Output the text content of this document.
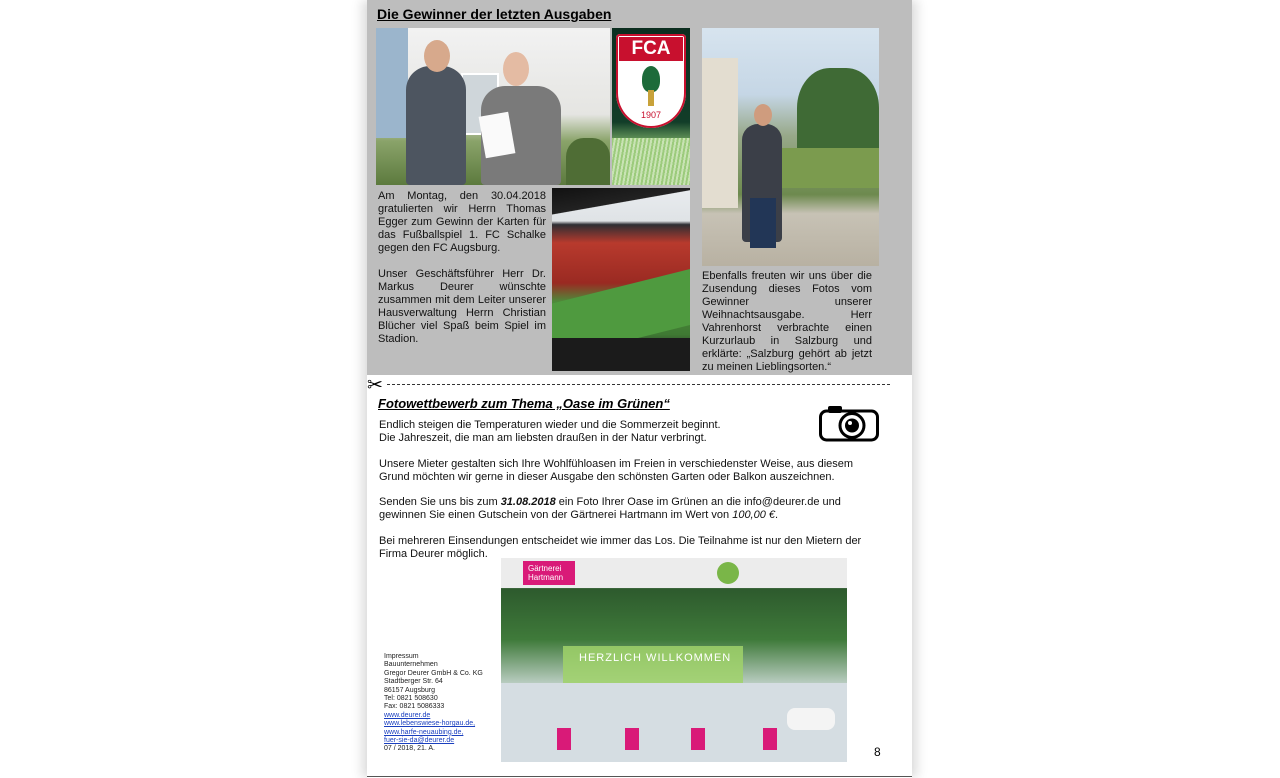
Die Gewinner der letzten Ausgaben
FCA
1907
Am Montag, den 30.04.2018 gratulierten wir Herrn Thomas Egger zum Gewinn der Karten für das Fußballspiel 1. FC Schalke gegen den FC Augsburg.
Unser Geschäftsführer Herr Dr. Markus Deurer wünschte zusammen mit dem Leiter unserer Hausverwaltung Herrn Christian Blücher viel Spaß beim Spiel im Stadion.
Ebenfalls freuten wir uns über die Zusendung dieses Fotos vom Gewinner unserer Weihnachtsausgabe. Herr Vahrenhorst verbrachte einen Kurzurlaub in Salzburg und erklärte: „Salzburg gehört ab jetzt zu meinen Lieblingsorten.“
✂
Fotowettbewerb zum Thema „Oase im Grünen“
Endlich steigen die Temperaturen wieder und die Sommerzeit beginnt.
Die Jahreszeit, die man am liebsten draußen in der Natur verbringt.
Unsere Mieter gestalten sich Ihre Wohlfühloasen im Freien in verschiedenster Weise, aus diesem Grund möchten wir gerne in dieser Ausgabe den schönsten Garten oder Balkon auszeichnen.
Senden Sie uns bis zum 31.08.2018 ein Foto Ihrer Oase im Grünen an die info@deurer.de und gewinnen Sie einen Gutschein von der Gärtnerei Hartmann im Wert von 100,00 €.
Bei mehreren Einsendungen entscheidet wie immer das Los. Die Teilnahme ist nur den Mietern der Firma Deurer möglich.
Gärtnerei
Hartmann
HERZLICH WILLKOMMEN
Impressum
Bauunternehmen
Gregor Deurer GmbH & Co. KG
Stadtberger Str. 64
86157 Augsburg
Tel: 0821 508630
Fax: 0821 5086333
www.deurer.de
www.lebenswiese-horgau.de,
www.harfe-neuaubing.de,
fuer-sie-da@deurer.de
07 / 2018, 21. A.	8
